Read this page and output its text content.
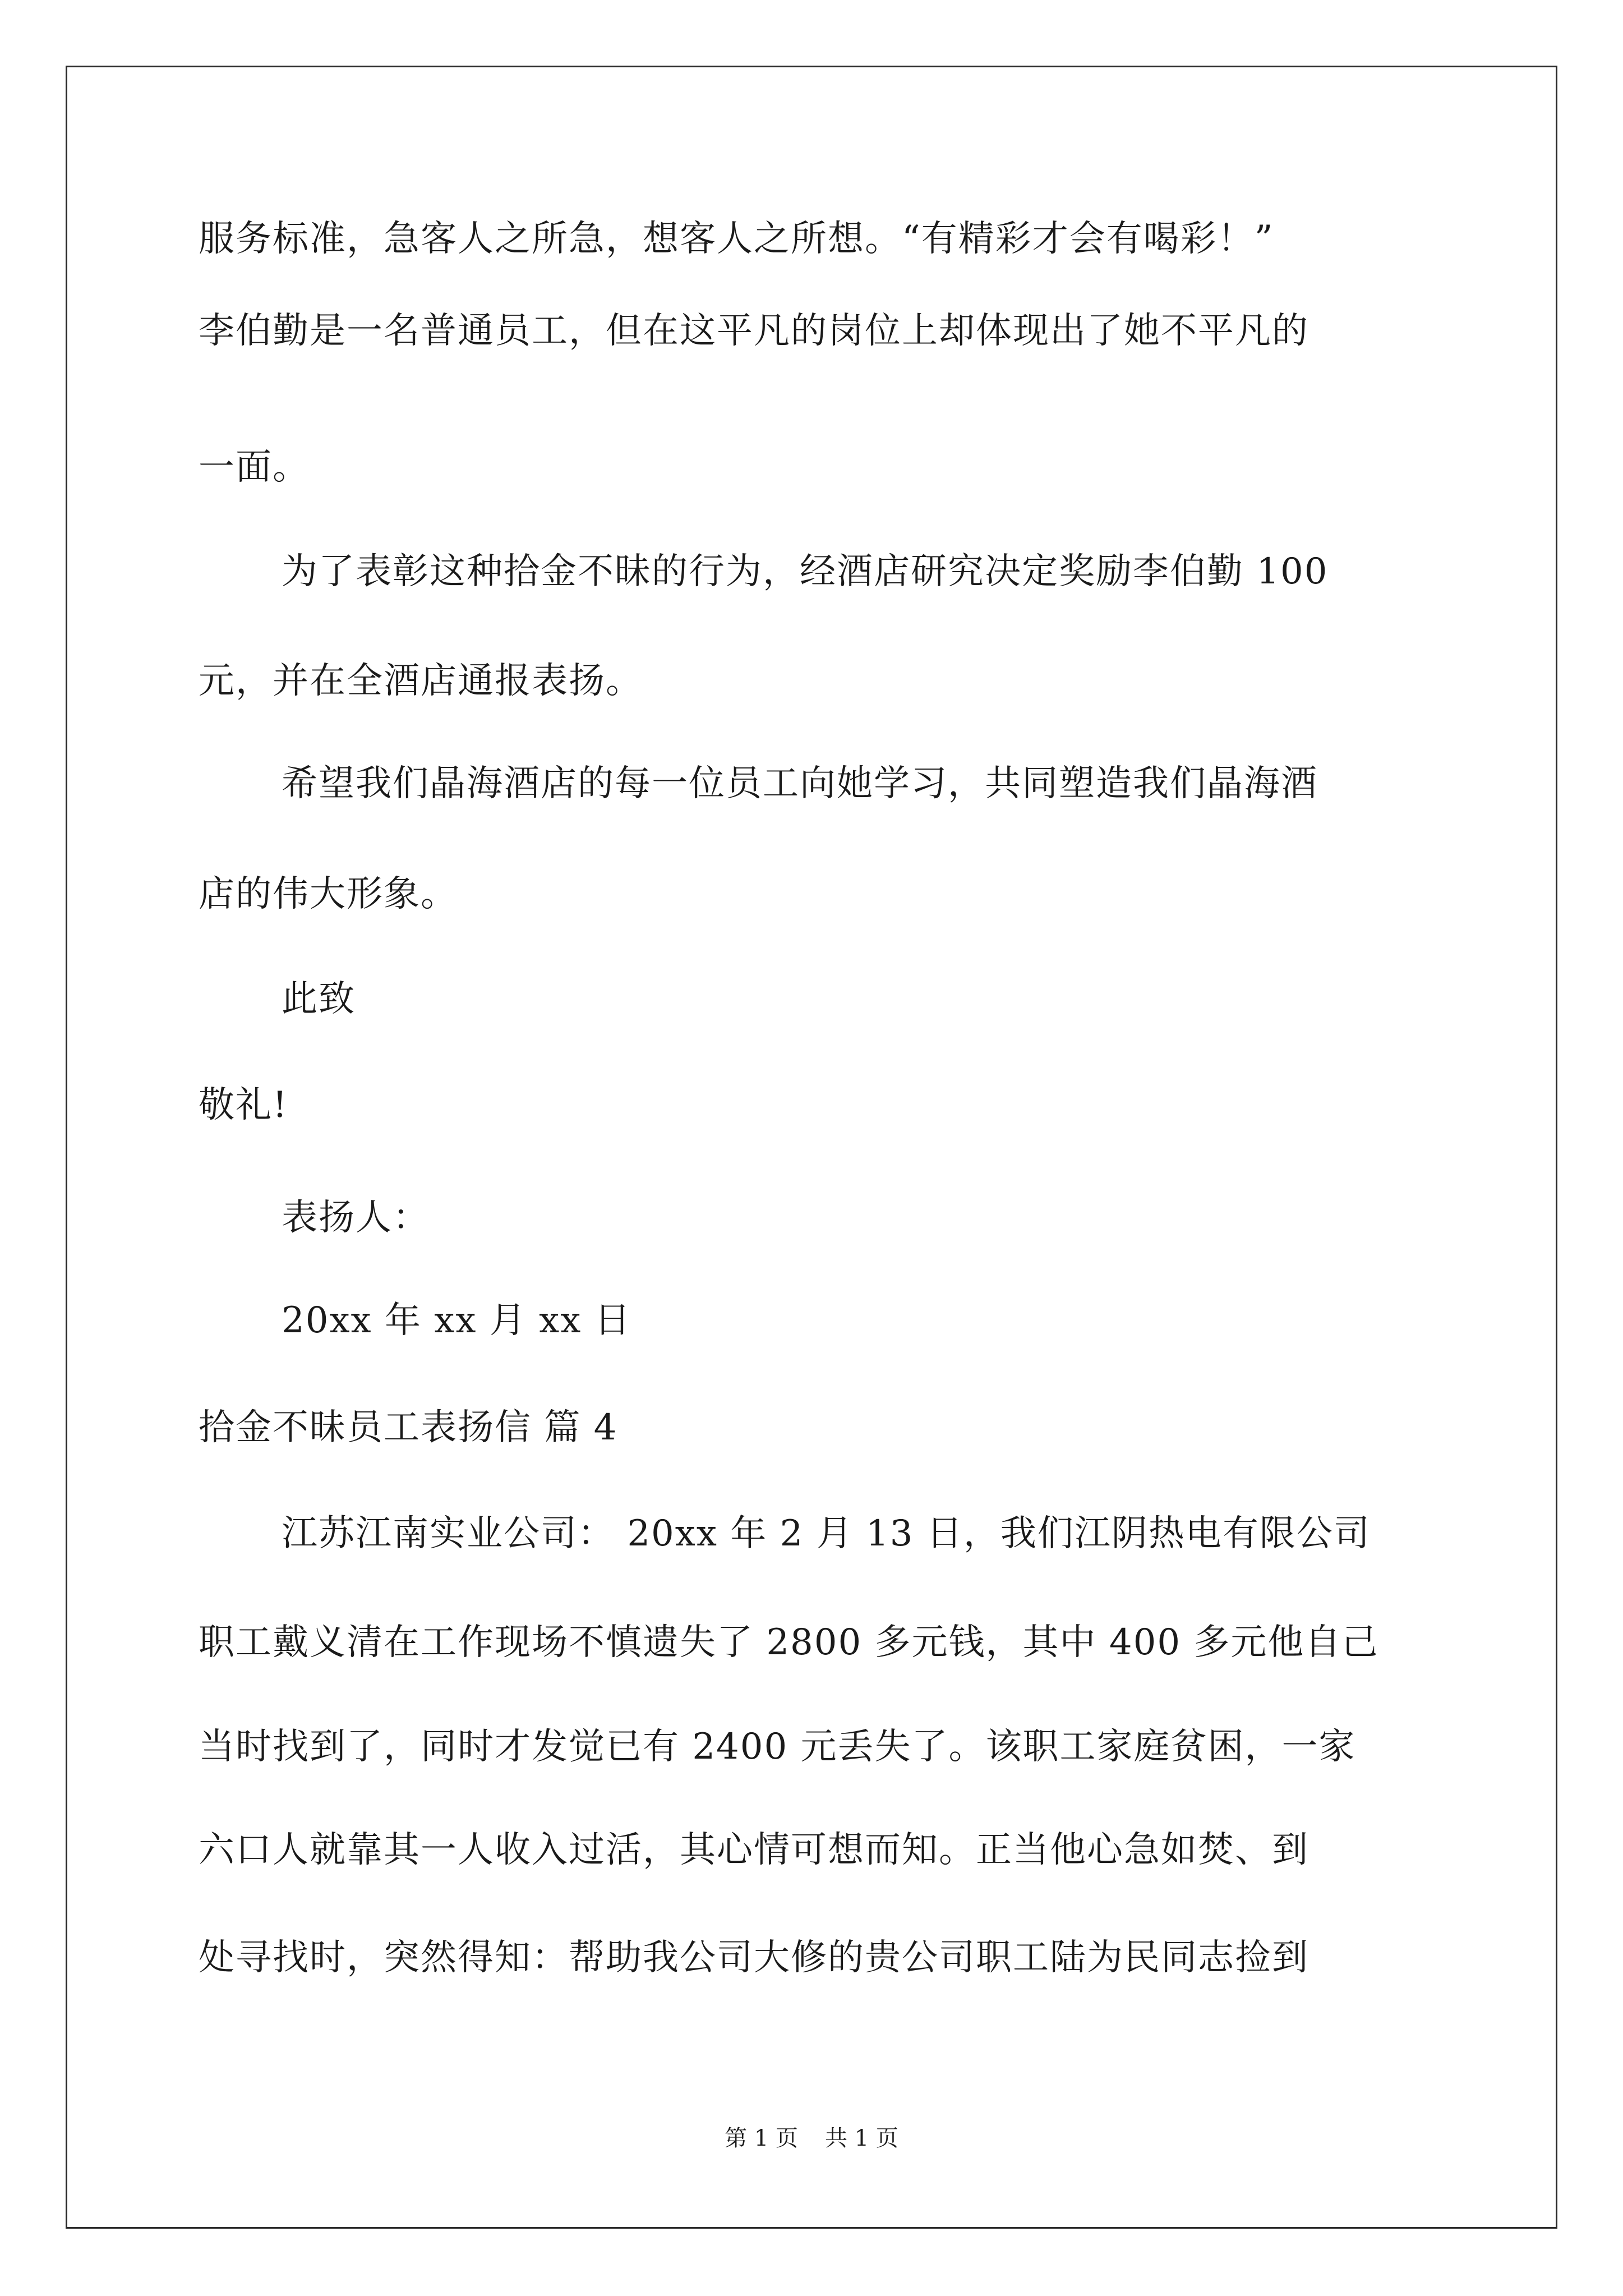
服务标准，急客人之所急，想客人之所想。“有精彩才会有喝彩！”
李伯勤是一名普通员工，但在这平凡的岗位上却体现出了她不平凡的
一面。
为了表彰这种拾金不昧的行为，经酒店研究决定奖励李伯勤 100
元，并在全酒店通报表扬。
希望我们晶海酒店的每一位员工向她学习，共同塑造我们晶海酒
店的伟大形象。
此致
敬礼!
表扬人：
20xx 年 xx 月 xx 日
拾金不昧员工表扬信 篇 4
江苏江南实业公司： 20xx 年 2 月 13 日，我们江阴热电有限公司
职工戴义清在工作现场不慎遗失了 2800 多元钱，其中 400 多元他自己
当时找到了，同时才发觉已有 2400 元丢失了。该职工家庭贫困，一家
六口人就靠其一人收入过活，其心情可想而知。正当他心急如焚、到
处寻找时，突然得知：帮助我公司大修的贵公司职工陆为民同志捡到
第 1 页 共 1 页
